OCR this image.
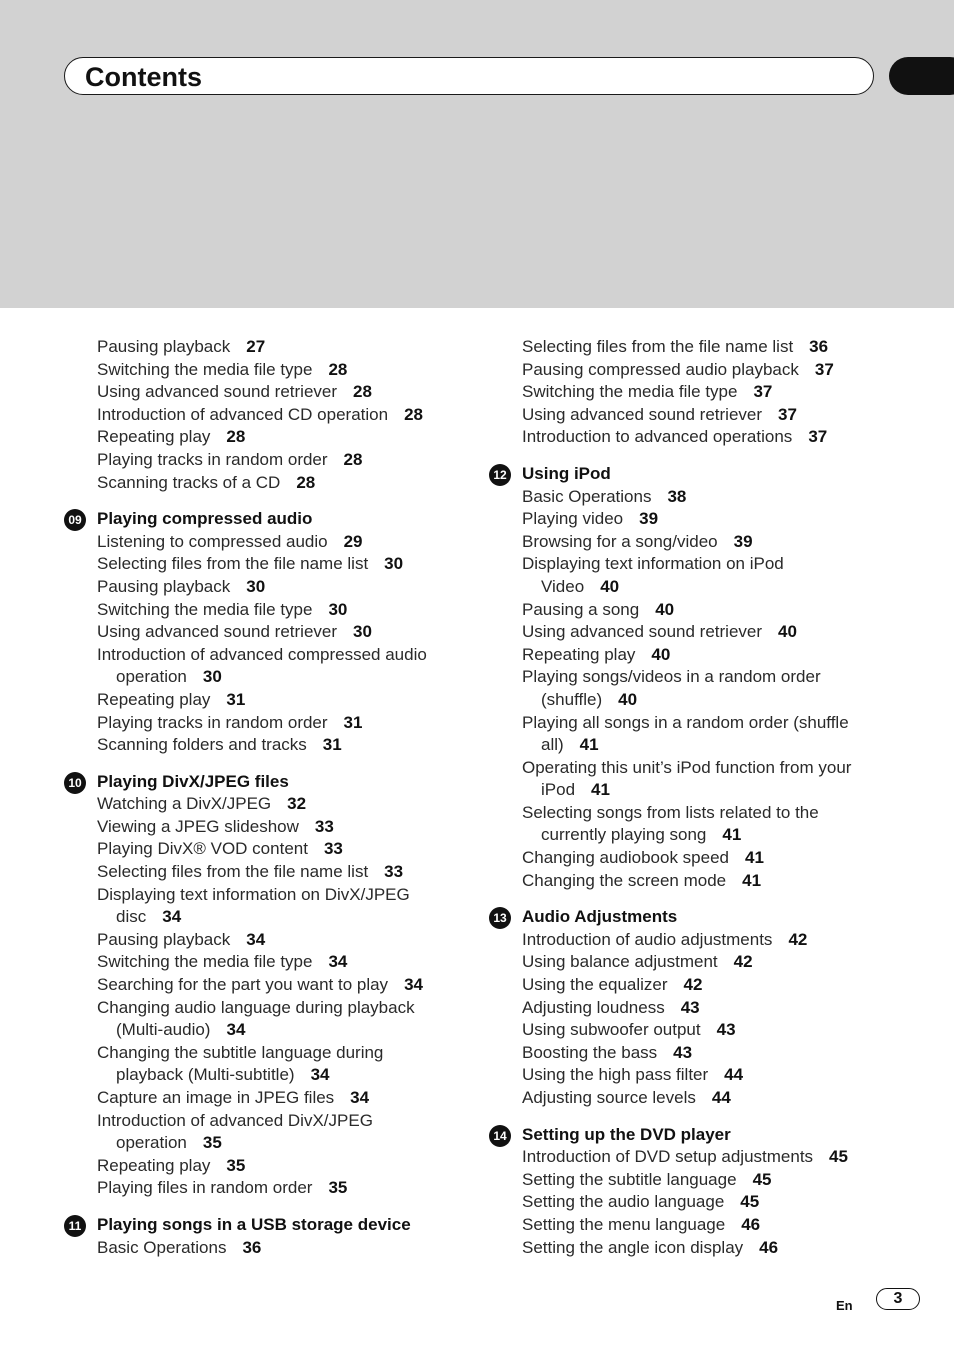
Contents
Pausing playback 27
Switching the media file type 28
Using advanced sound retriever 28
Introduction of advanced CD operation 28
Repeating play 28
Playing tracks in random order 28
Scanning tracks of a CD 28
09 Playing compressed audio
Listening to compressed audio 29
Selecting files from the file name list 30
Pausing playback 30
Switching the media file type 30
Using advanced sound retriever 30
Introduction of advanced compressed audio
operation 30
Repeating play 31
Playing tracks in random order 31
Scanning folders and tracks 31
10 Playing DivX/JPEG files
Watching a DivX/JPEG 32
Viewing a JPEG slideshow 33
Playing DivX® VOD content 33
Selecting files from the file name list 33
Displaying text information on DivX/JPEG
disc 34
Pausing playback 34
Switching the media file type 34
Searching for the part you want to play 34
Changing audio language during playback
(Multi-audio) 34
Changing the subtitle language during
playback (Multi-subtitle) 34
Capture an image in JPEG files 34
Introduction of advanced DivX/JPEG
operation 35
Repeating play 35
Playing files in random order 35
11 Playing songs in a USB storage device
Basic Operations 36
Selecting files from the file name list 36
Pausing compressed audio playback 37
Switching the media file type 37
Using advanced sound retriever 37
Introduction to advanced operations 37
12 Using iPod
Basic Operations 38
Playing video 39
Browsing for a song/video 39
Displaying text information on iPod
Video 40
Pausing a song 40
Using advanced sound retriever 40
Repeating play 40
Playing songs/videos in a random order
(shuffle) 40
Playing all songs in a random order (shuffle
all) 41
Operating this unit’s iPod function from your
iPod 41
Selecting songs from lists related to the
currently playing song 41
Changing audiobook speed 41
Changing the screen mode 41
13 Audio Adjustments
Introduction of audio adjustments 42
Using balance adjustment 42
Using the equalizer 42
Adjusting loudness 43
Using subwoofer output 43
Boosting the bass 43
Using the high pass filter 44
Adjusting source levels 44
14 Setting up the DVD player
Introduction of DVD setup adjustments 45
Setting the subtitle language 45
Setting the audio language 45
Setting the menu language 46
Setting the angle icon display 46
En	3
